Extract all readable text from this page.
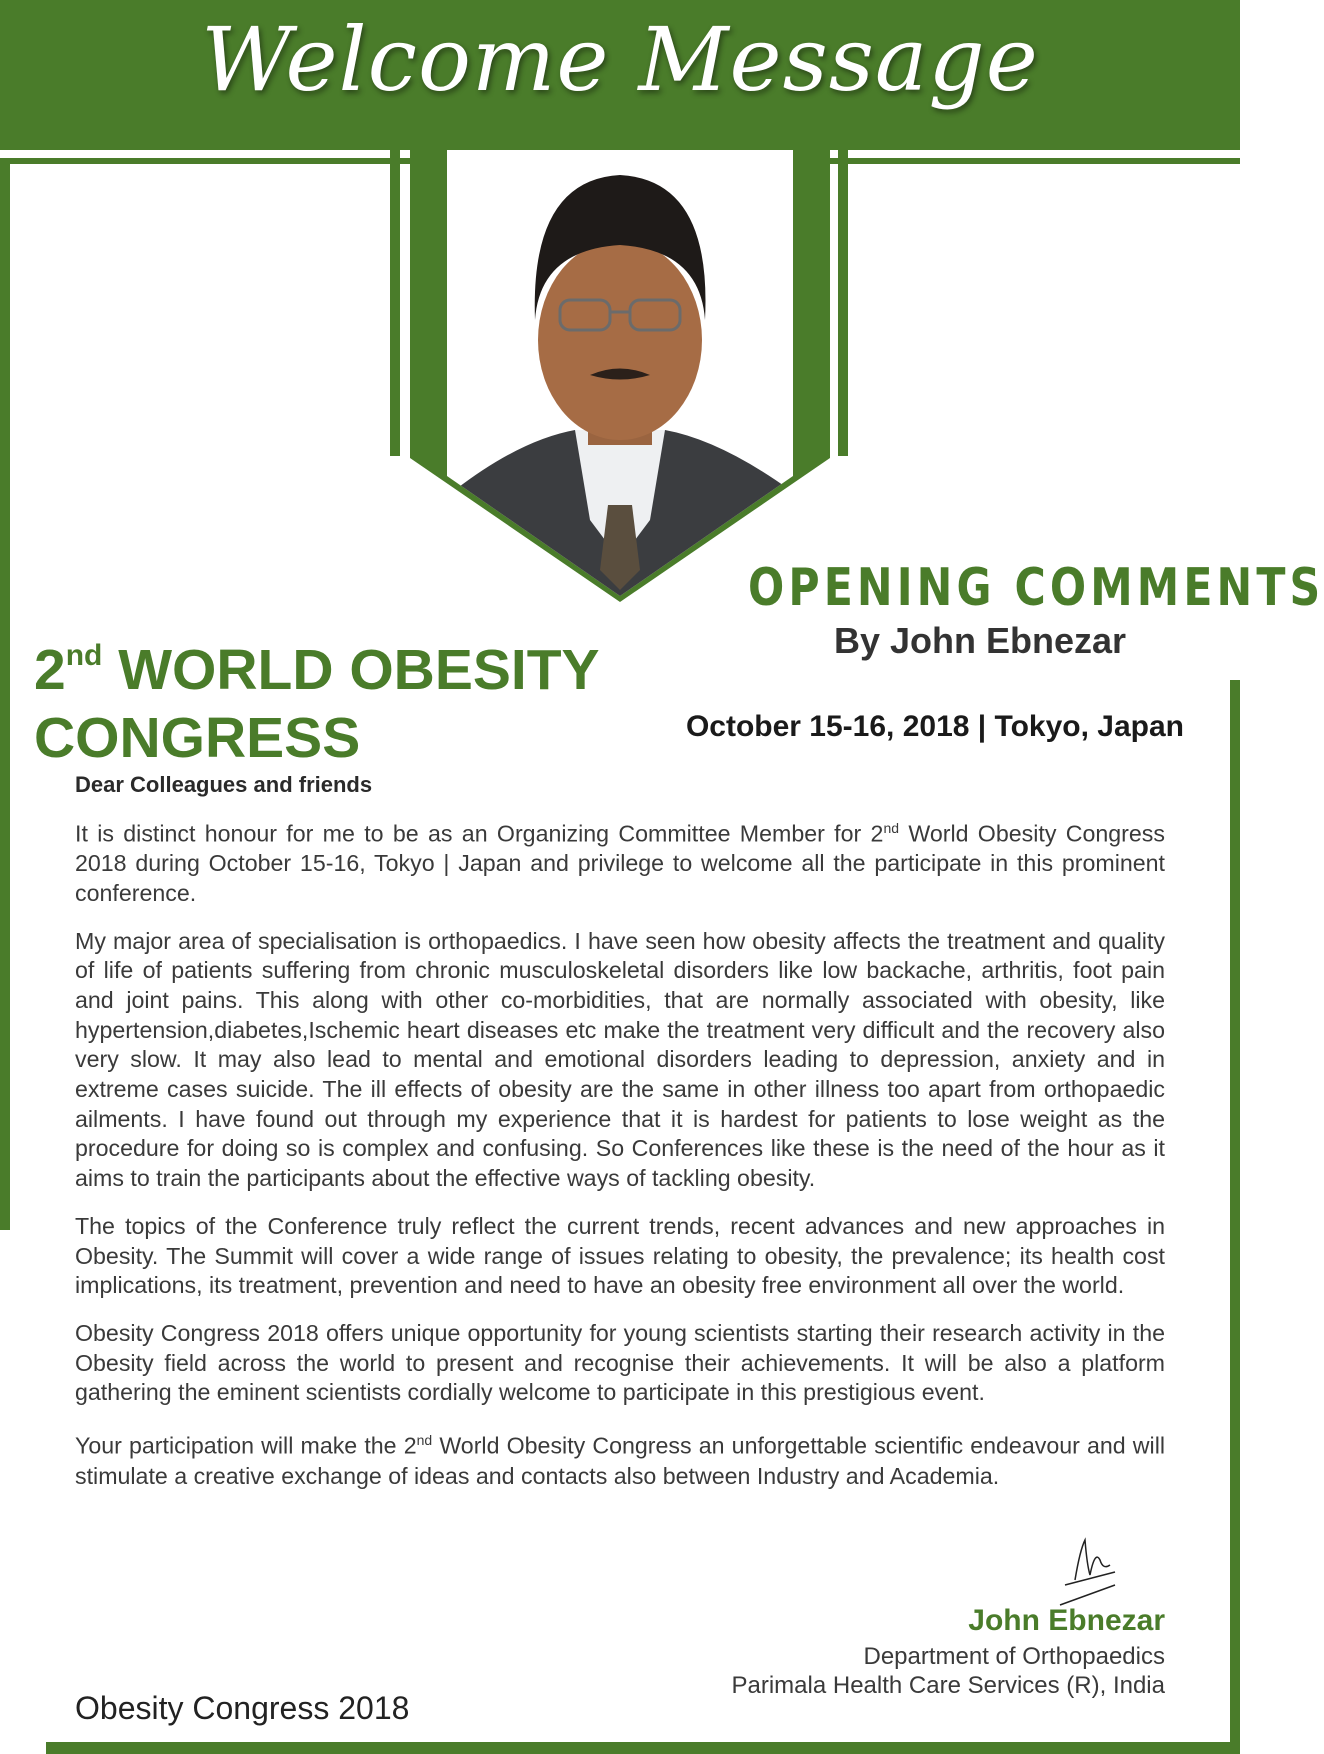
Welcome Message
OPENING COMMENTS
By John Ebnezar
2nd WORLD OBESITY
CONGRESS	October 15-16, 2018 | Tokyo, Japan
Dear Colleagues and friends

It is distinct honour for me to be as an Organizing Committee Member for 2nd World Obesity Congress 2018 during October 15-16, Tokyo | Japan and privilege to welcome all the participate in this prominent conference.

My major area of specialisation is orthopaedics. I have seen how obesity affects the treatment and quality of life of patients suffering from chronic musculoskeletal disorders like low backache, arthritis, foot pain and joint pains. This along with other co-morbidities, that are normally associated with obesity, like hypertension,diabetes,Ischemic heart diseases etc make the treatment very difficult and the recovery also very slow. It may also lead to mental and emotional disorders leading to depression, anxiety and in extreme cases suicide. The ill effects of obesity are the same in other illness too apart from orthopaedic ailments. I have found out through my experience that it is hardest for patients to lose weight as the procedure for doing so is complex and confusing. So Conferences like these is the need of the hour as it aims to train the participants about the effective ways of tackling obesity.

The topics of the Conference truly reflect the current trends, recent advances and new approaches in Obesity. The Summit will cover a wide range of issues relating to obesity, the prevalence; its health cost implications, its treatment, prevention and need to have an obesity free environment all over the world.

Obesity Congress 2018 offers unique opportunity for young scientists starting their research activity in the Obesity field across the world to present and recognise their achievements. It will be also a platform gathering the eminent scientists cordially welcome to participate in this prestigious event.

Your participation will make the 2nd World Obesity Congress an unforgettable scientific endeavour and will stimulate a creative exchange of ideas and contacts also between Industry and Academia.

John Ebnezar
Department of Orthopaedics
Parimala Health Care Services (R), India
Obesity Congress 2018
